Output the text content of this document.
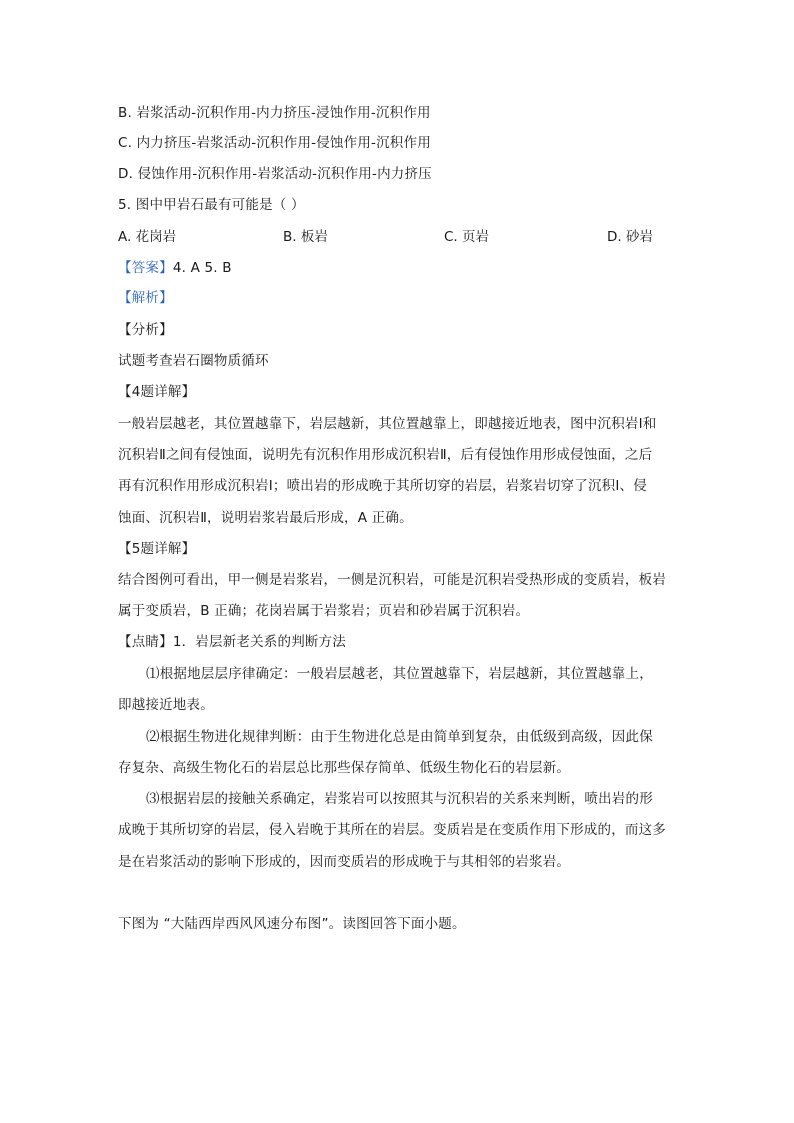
B. 岩浆活动-沉积作用-内力挤压-浸蚀作用-沉积作用
C. 内力挤压-岩浆活动-沉积作用-侵蚀作用-沉积作用
D. 侵蚀作用-沉积作用-岩浆活动-沉积作用-内力挤压
5. 图中甲岩石最有可能是（ ）
A. 花岗岩	B. 板岩	C. 页岩	D. 砂岩
【答案】4. A 5. B
【解析】
【分析】
试题考查岩石圈物质循环
【4题详解】
一般岩层越老，其位置越靠下，岩层越新，其位置越靠上，即越接近地表，图中沉积岩Ⅰ和
沉积岩Ⅱ之间有侵蚀面，说明先有沉积作用形成沉积岩Ⅱ，后有侵蚀作用形成侵蚀面，之后
再有沉积作用形成沉积岩Ⅰ；喷出岩的形成晚于其所切穿的岩层，岩浆岩切穿了沉积Ⅰ、侵
蚀面、沉积岩Ⅱ，说明岩浆岩最后形成，A 正确。
【5题详解】
结合图例可看出，甲一侧是岩浆岩，一侧是沉积岩，可能是沉积岩受热形成的变质岩，板岩
属于变质岩，B 正确；花岗岩属于岩浆岩；页岩和砂岩属于沉积岩。
【点睛】1．岩层新老关系的判断方法
⑴根据地层层序律确定：一般岩层越老，其位置越靠下，岩层越新，其位置越靠上，
即越接近地表。
⑵根据生物进化规律判断：由于生物进化总是由简单到复杂，由低级到高级，因此保
存复杂、高级生物化石的岩层总比那些保存简单、低级生物化石的岩层新。
⑶根据岩层的接触关系确定，岩浆岩可以按照其与沉积岩的关系来判断，喷出岩的形
成晚于其所切穿的岩层，侵入岩晚于其所在的岩层。变质岩是在变质作用下形成的，而这多
是在岩浆活动的影响下形成的，因而变质岩的形成晚于与其相邻的岩浆岩。
下图为 “大陆西岸西风风速分布图”。读图回答下面小题。
